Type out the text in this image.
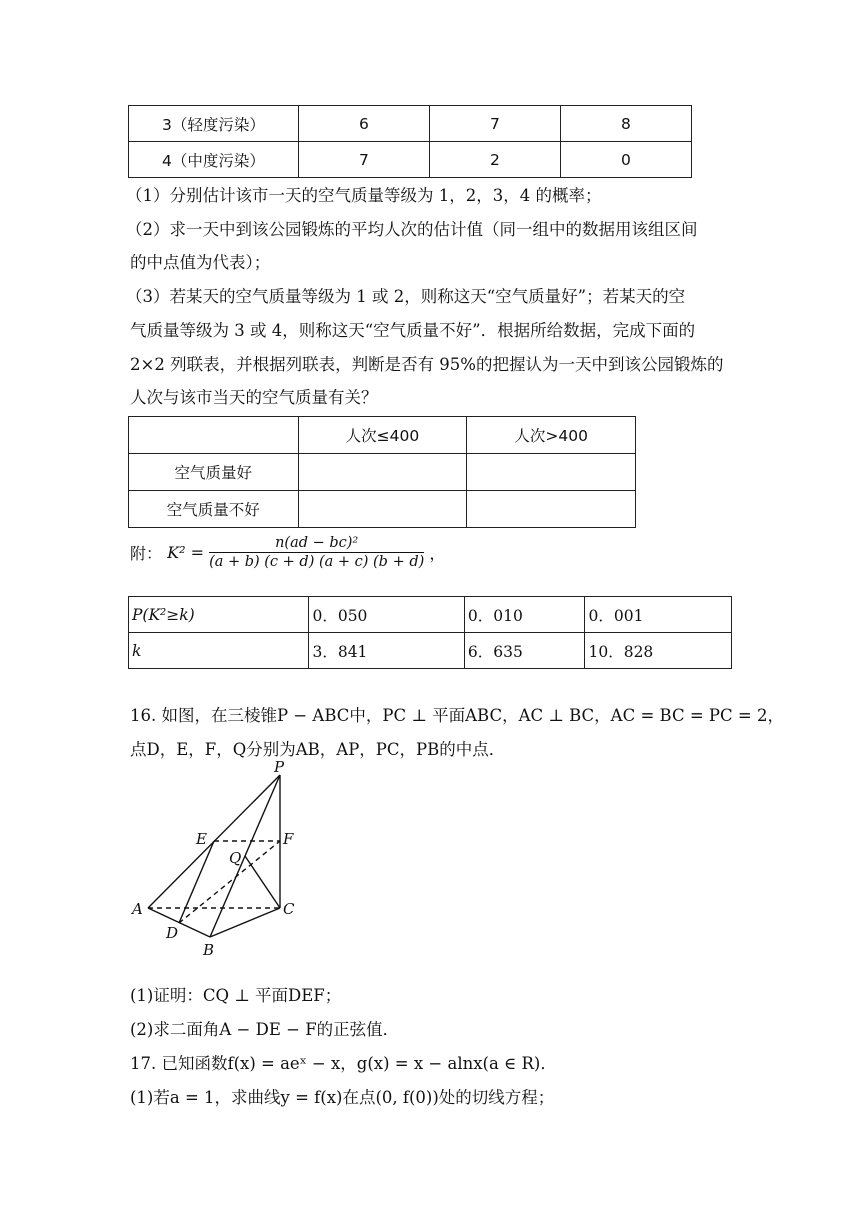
3（轻度污染）	6	7	8
4（中度污染）	7	2	0
（1）分别估计该市一天的空气质量等级为 1，2，3，4 的概率；
（2）求一天中到该公园锻炼的平均人次的估计值（同一组中的数据用该组区间
的中点值为代表）；
（3）若某天的空气质量等级为 1 或 2，则称这天“空气质量好”；若某天的空
气质量等级为 3 或 4，则称这天“空气质量不好”．根据所给数据，完成下面的
2×2 列联表，并根据列联表，判断是否有 95%的把握认为一天中到该公园锻炼的
人次与该市当天的空气质量有关？
	人次≤400	人次>400
空气质量好		
空气质量不好		
附： $K^2 = \frac{\text{n(ad − bc)²}}{(a + b) (c + d) (a + c) (b + d)}$ ，
P(K²≥k)	0．050	0．010	0．001
k	3．841	6．635	10．828
16. 如图，在三棱锥P − ABC中，PC ⊥ 平面ABC，AC ⊥ BC，AC = BC = PC = 2，
点D，E，F，Q分别为AB，AP，PC，PB的中点．
P
E	F
Q
A	C
D
B
(1)证明：CQ ⊥ 平面DEF；
(2)求二面角A − DE − F的正弦值．
17. 已知函数f(x) = aeˣ − x，g(x) = x − alnx(a ∈ R)．
(1)若a = 1，求曲线y = f(x)在点(0, f(0))处的切线方程；
